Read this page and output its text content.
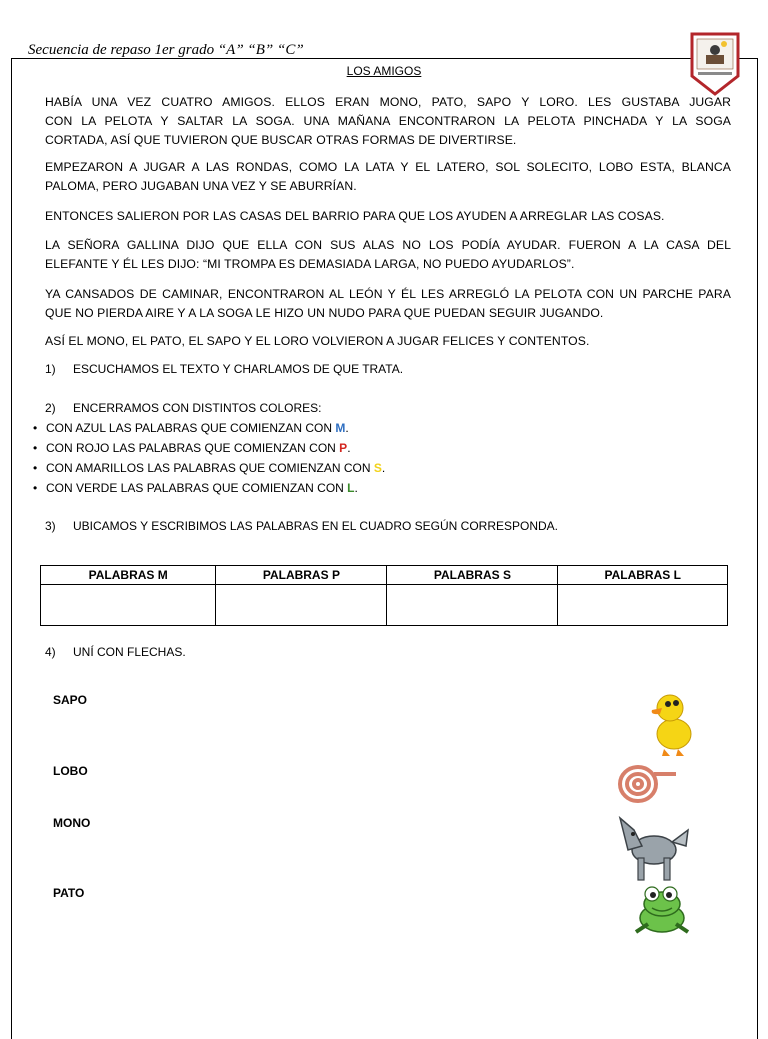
Secuencia de repaso 1er grado “A” “B” “C”
LOS AMIGOS
HABÍA UNA VEZ CUATRO AMIGOS. ELLOS ERAN MONO, PATO, SAPO Y LORO. LES GUSTABA JUGAR
CON LA PELOTA Y SALTAR LA SOGA. UNA MAÑANA ENCONTRARON LA PELOTA PINCHADA Y LA SOGA
CORTADA, ASÍ QUE TUVIERON QUE BUSCAR OTRAS FORMAS DE DIVERTIRSE.
EMPEZARON A JUGAR A LAS RONDAS, COMO LA LATA Y EL LATERO, SOL SOLECITO, LOBO ESTA, BLANCA
PALOMA, PERO JUGABAN UNA VEZ Y SE ABURRÍAN.
ENTONCES SALIERON POR LAS CASAS DEL BARRIO PARA QUE LOS AYUDEN A ARREGLAR LAS COSAS.
LA SEÑORA GALLINA DIJO QUE ELLA CON SUS ALAS NO LOS PODÍA AYUDAR. FUERON A LA CASA DEL
ELEFANTE Y ÉL LES DIJO: “MI TROMPA ES DEMASIADA LARGA, NO PUEDO AYUDARLOS”.
YA CANSADOS DE CAMINAR, ENCONTRARON AL LEÓN Y ÉL LES ARREGLÓ LA PELOTA CON UN PARCHE PARA
QUE NO PIERDA AIRE Y A LA SOGA LE HIZO UN NUDO PARA QUE PUEDAN SEGUIR JUGANDO.
ASÍ EL MONO, EL PATO, EL SAPO Y EL LORO VOLVIERON A JUGAR FELICES Y CONTENTOS.
1) ESCUCHAMOS EL TEXTO Y CHARLAMOS DE QUE TRATA.
2) ENCERRAMOS CON DISTINTOS COLORES:
• CON AZUL LAS PALABRAS QUE COMIENZAN CON M.
• CON ROJO LAS PALABRAS QUE COMIENZAN CON P.
• CON AMARILLOS LAS PALABRAS QUE COMIENZAN CON S.
• CON VERDE LAS PALABRAS QUE COMIENZAN CON L.
3) UBICAMOS Y ESCRIBIMOS LAS PALABRAS EN EL CUADRO SEGÚN CORRESPONDA.
PALABRAS M	PALABRAS P	PALABRAS S	PALABRAS L

4) UNÍ CON FLECHAS.
SAPO
LOBO
MONO
PATO
